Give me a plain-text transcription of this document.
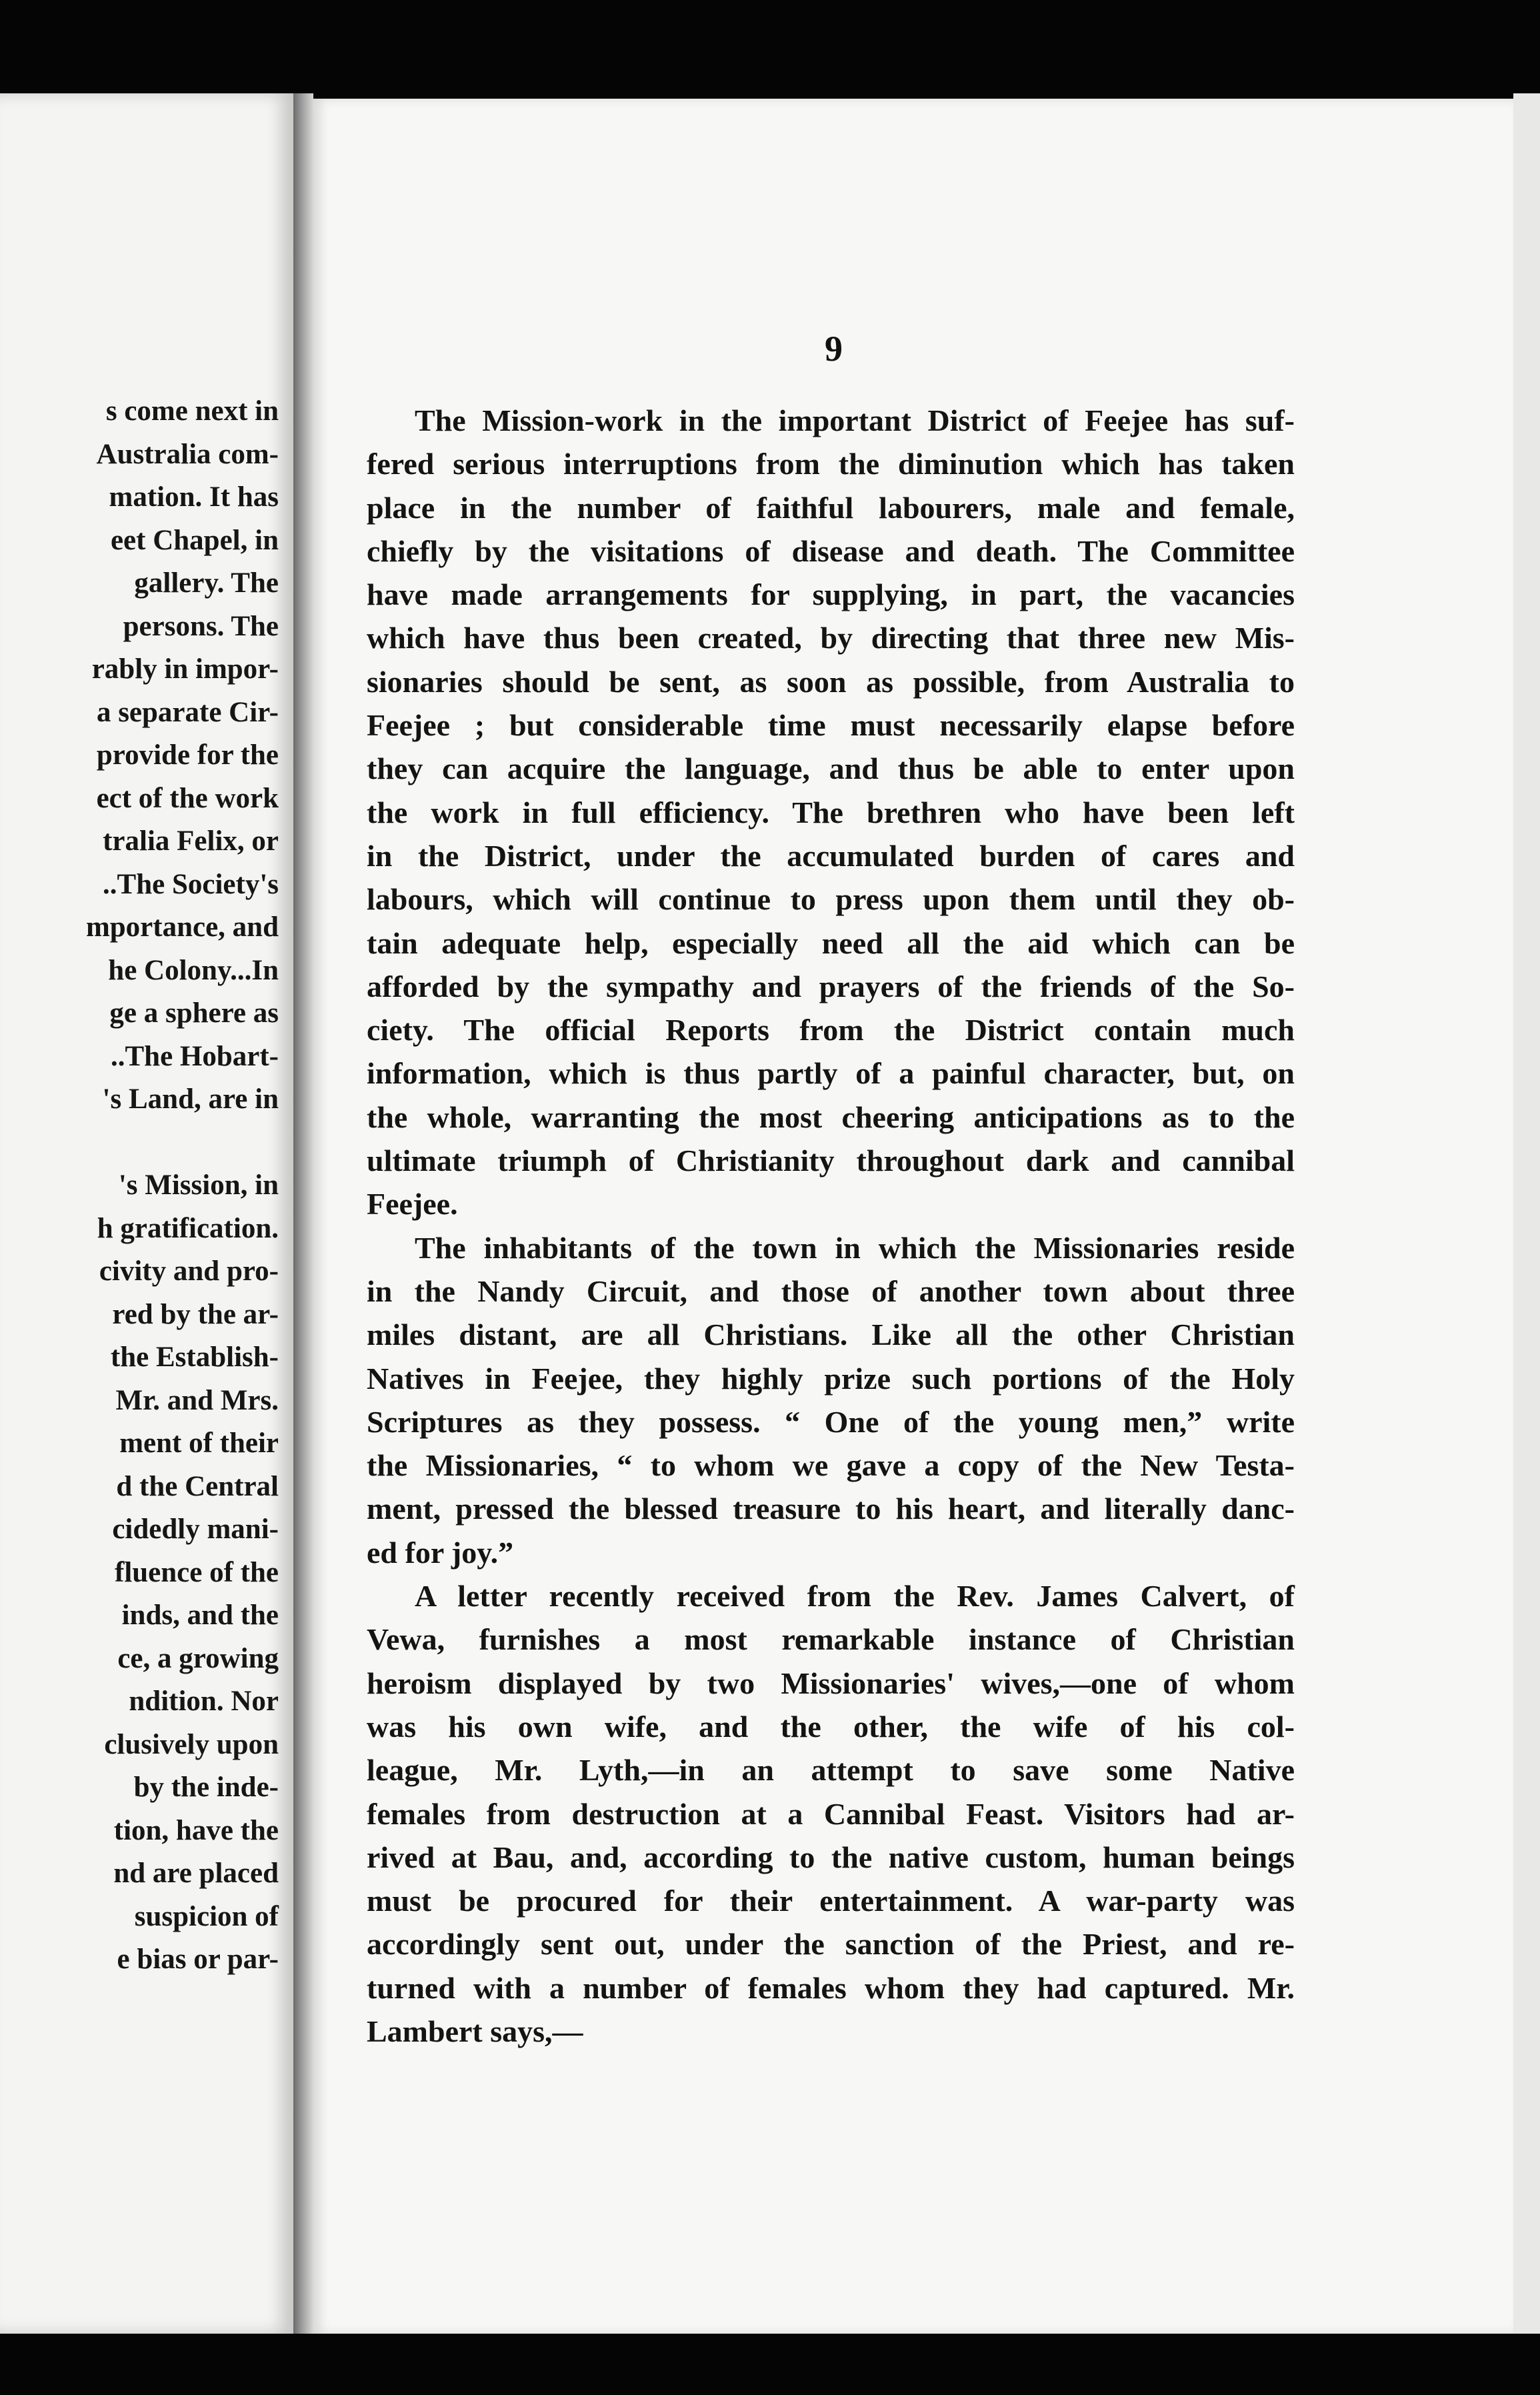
s come next in
Australia com-
mation. It has
eet Chapel, in
gallery. The
persons. The
rably in impor-
a separate Cir-
provide for the
ect of the work
tralia Felix, or
..The Society's
mportance, and
he Colony...In
ge a sphere as
..The Hobart-
's Land, are in
's Mission, in
h gratification.
civity and pro-
red by the ar-
the Establish-
Mr. and Mrs.
ment of their
d the Central
cidedly mani-
fluence of the
inds, and the
ce, a growing
ndition. Nor
clusively upon
by the inde-
tion, have the
nd are placed
suspicion of
e bias or par-
9
The Mission-work in the important District of Feejee has suf-
fered serious interruptions from the diminution which has taken
place in the number of faithful labourers, male and female,
chiefly by the visitations of disease and death. The Committee
have made arrangements for supplying, in part, the vacancies
which have thus been created, by directing that three new Mis-
sionaries should be sent, as soon as possible, from Australia to
Feejee ; but considerable time must necessarily elapse before
they can acquire the language, and thus be able to enter upon
the work in full efficiency. The brethren who have been left
in the District, under the accumulated burden of cares and
labours, which will continue to press upon them until they ob-
tain adequate help, especially need all the aid which can be
afforded by the sympathy and prayers of the friends of the So-
ciety. The official Reports from the District contain much
information, which is thus partly of a painful character, but, on
the whole, warranting the most cheering anticipations as to the
ultimate triumph of Christianity throughout dark and cannibal
Feejee.
The inhabitants of the town in which the Missionaries reside
in the Nandy Circuit, and those of another town about three
miles distant, are all Christians. Like all the other Christian
Natives in Feejee, they highly prize such portions of the Holy
Scriptures as they possess. “ One of the young men,” write
the Missionaries, “ to whom we gave a copy of the New Testa-
ment, pressed the blessed treasure to his heart, and literally danc-
ed for joy.”
A letter recently received from the Rev. James Calvert, of
Vewa, furnishes a most remarkable instance of Christian
heroism displayed by two Missionaries' wives,—one of whom
was his own wife, and the other, the wife of his col-
league, Mr. Lyth,—in an attempt to save some Native
females from destruction at a Cannibal Feast. Visitors had ar-
rived at Bau, and, according to the native custom, human beings
must be procured for their entertainment. A war-party was
accordingly sent out, under the sanction of the Priest, and re-
turned with a number of females whom they had captured. Mr.
Lambert says,—
